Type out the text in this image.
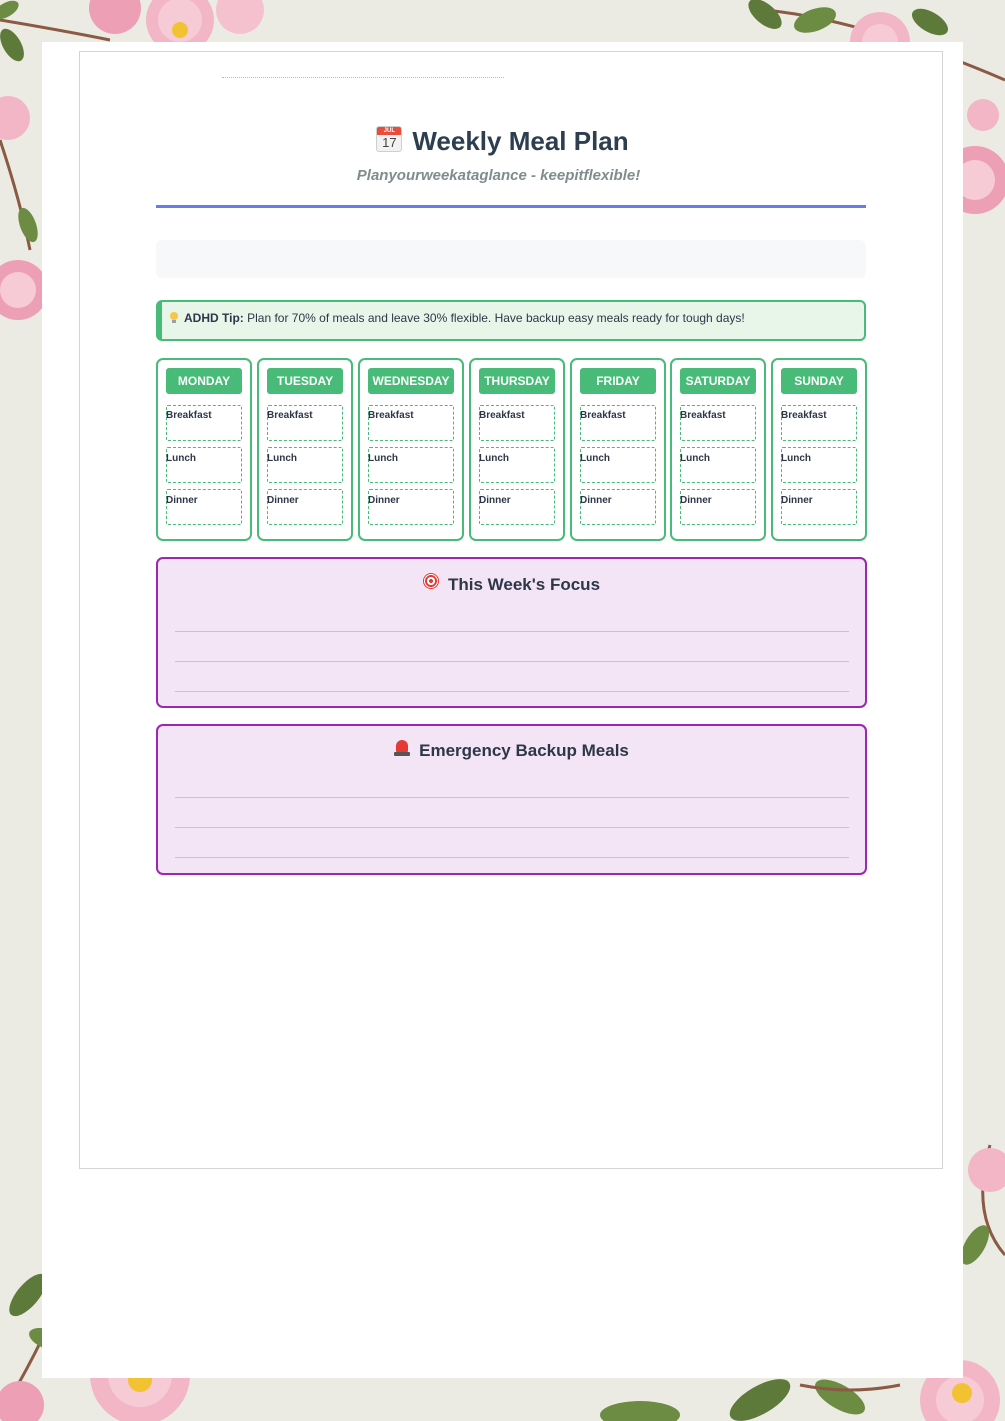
JUL
17 Weekly Meal Plan
Planyourweekataglance - keepitflexible!
ADHD Tip: Plan for 70% of meals and leave 30% flexible. Have backup easy meals ready for tough days!
MONDAY
Breakfast
Lunch
Dinner
TUESDAY
Breakfast
Lunch
Dinner
WEDNESDAY
Breakfast
Lunch
Dinner
THURSDAY
Breakfast
Lunch
Dinner
FRIDAY
Breakfast
Lunch
Dinner
SATURDAY
Breakfast
Lunch
Dinner
SUNDAY
Breakfast
Lunch
Dinner
This Week's Focus
Emergency Backup Meals
